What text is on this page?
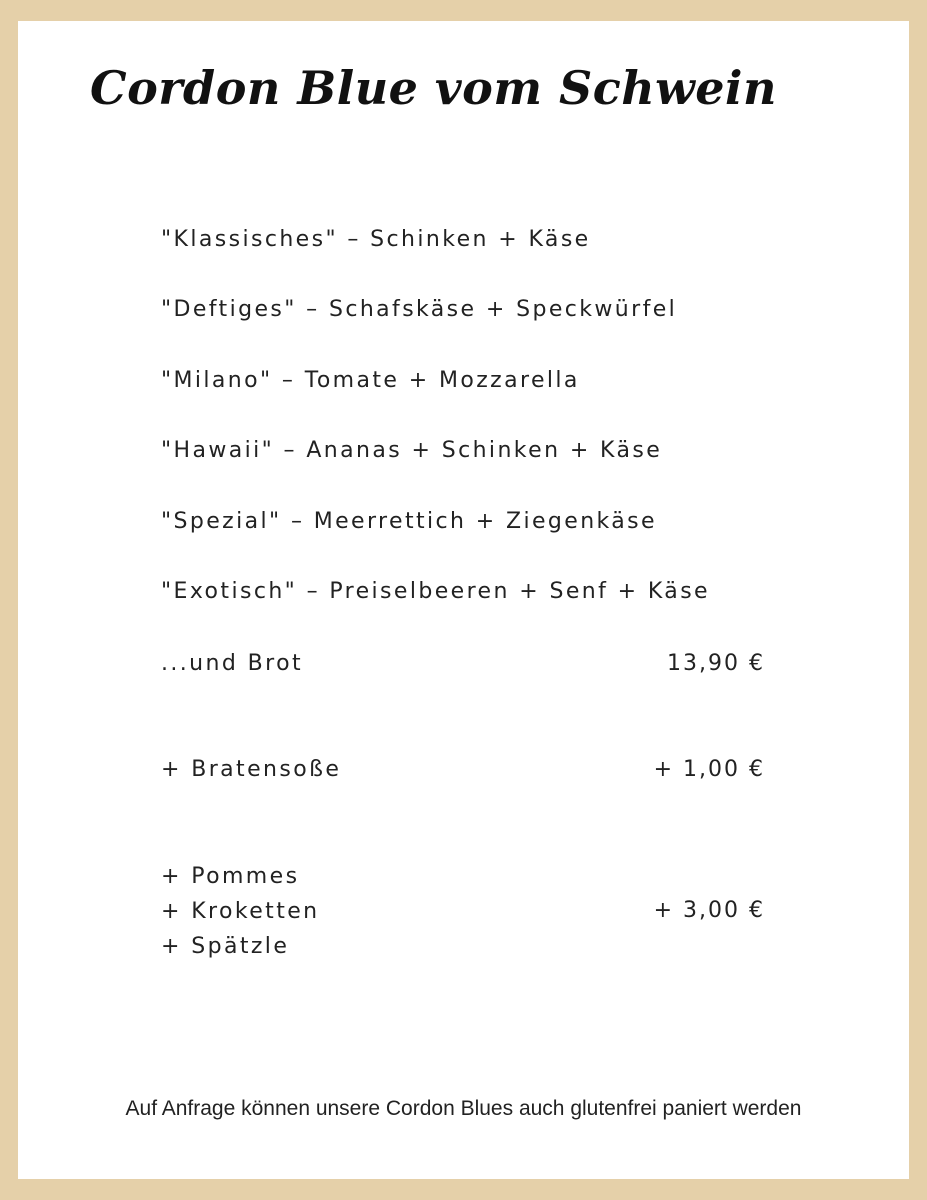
Cordon Blue vom Schwein
"Klassisches" – Schinken + Käse
"Deftiges" – Schafskäse + Speckwürfel
"Milano" – Tomate + Mozzarella
"Hawaii" – Ananas + Schinken + Käse
"Spezial" – Meerrettich + Ziegenkäse
"Exotisch" – Preiselbeeren + Senf + Käse
...und Brot	13,90 €
+ Bratensoße	+ 1,00 €
+ Pommes
+ Kroketten
+ Spätzle
+ 3,00 €
Auf Anfrage können unsere Cordon Blues auch glutenfrei paniert werden
